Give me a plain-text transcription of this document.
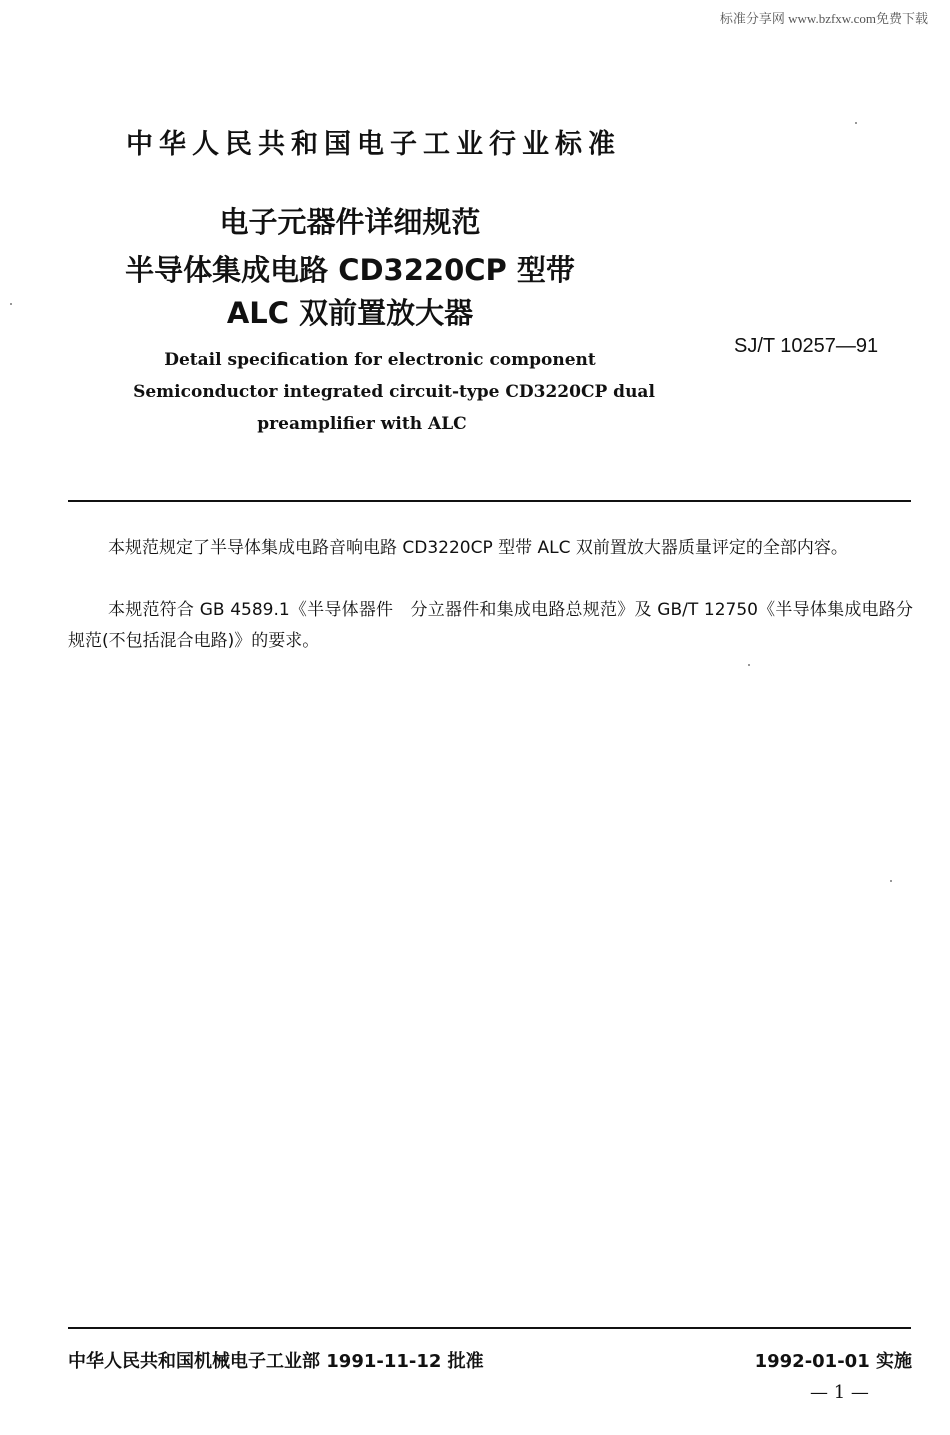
标准分享网 www.bzfxw.com免费下载
中华人民共和国电子工业行业标准
电子元器件详细规范
半导体集成电路 CD3220CP 型带
ALC 双前置放大器
SJ/T 10257—91
Detail specification for electronic component
Semiconductor integrated circuit-type CD3220CP dual
preamplifier with ALC
本规范规定了半导体集成电路音响电路 CD3220CP 型带 ALC 双前置放大器质量评定的全部内容。
本规范符合 GB 4589.1《半导体器件　分立器件和集成电路总规范》及 GB/T 12750《半导体集成电路分规范(不包括混合电路)》的要求。
中华人民共和国机械电子工业部 1991-11-12 批准	1992-01-01 实施
— 1 —
